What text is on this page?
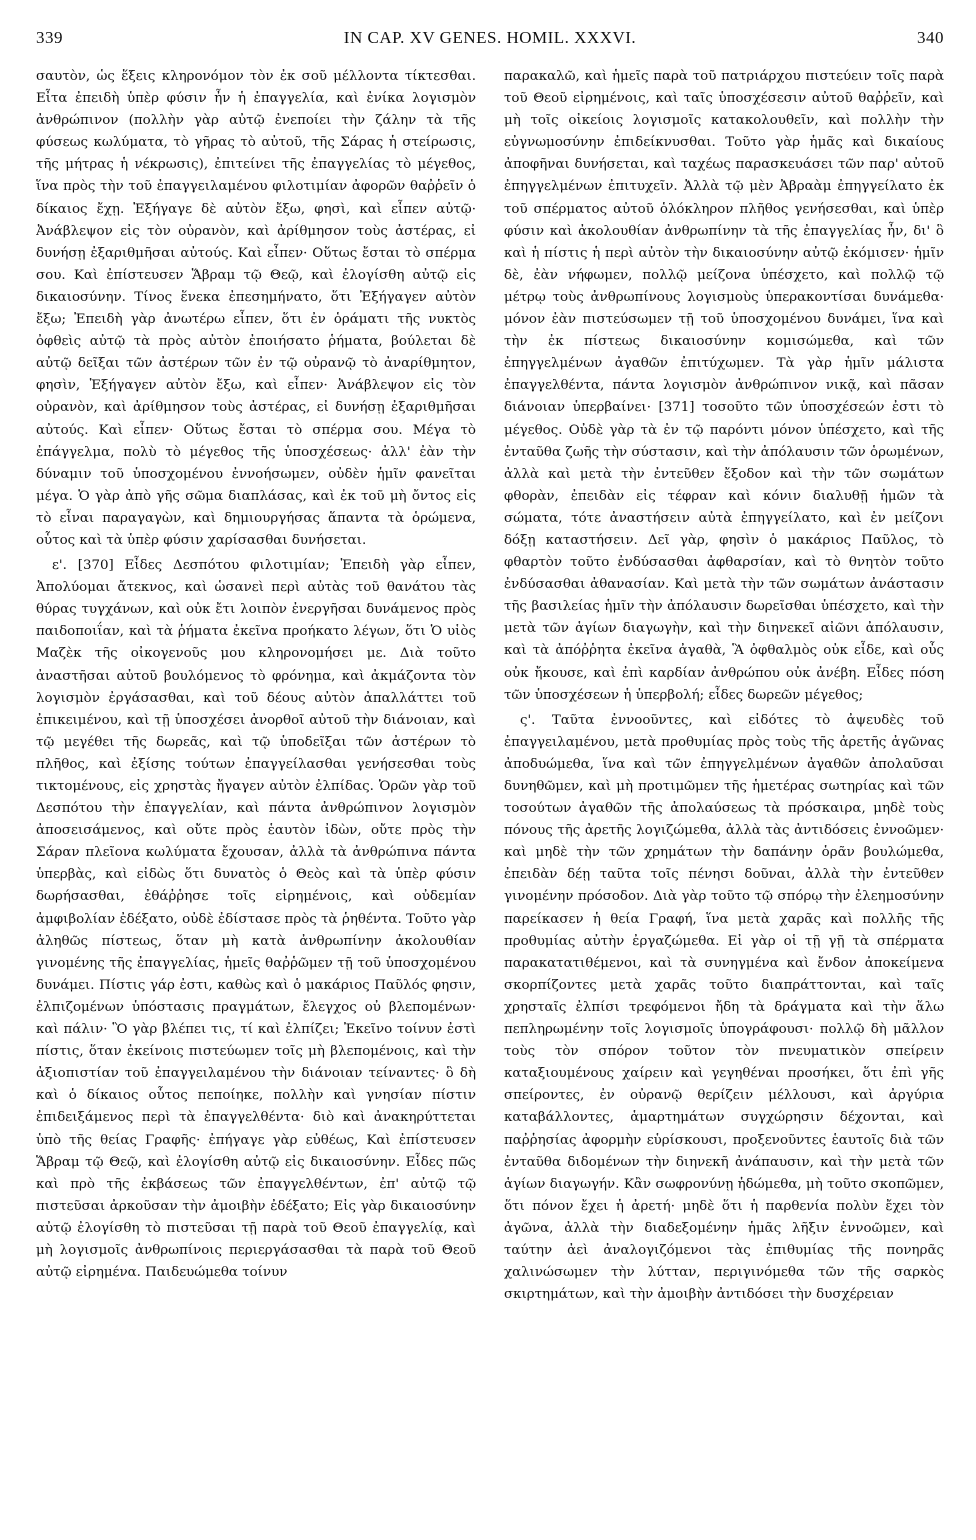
339	IN CAP. XV GENES. HOMIL. XXXVI.	340

σαυτὸν, ὡς ἕξεις κληρονόμον τὸν ἐκ σοῦ μέλλοντα τίκτεσθαι. Εἶτα ἐπειδὴ ὑπὲρ φύσιν ἦν ἡ ἐπαγγελία, καὶ ἐνίκα λογισμὸν ἀνθρώπινον (πολλὴν γὰρ αὐτῷ ἐνεποίει τὴν ζάλην τὰ τῆς φύσεως κωλύματα, τὸ γῆρας τὸ αὐτοῦ, τῆς Σάρας ἡ στείρωσις, τῆς μήτρας ἡ νέκρωσις), ἐπιτείνει τῆς ἐπαγγελίας τὸ μέγεθος, ἵνα πρὸς τὴν τοῦ ἐπαγγειλαμένου φιλοτιμίαν ἀφορῶν θαῤῥεῖν ὁ δίκαιος ἔχῃ. Ἐξήγαγε δὲ αὐτὸν ἔξω, φησὶ, καὶ εἶπεν αὐτῷ· Ἀνάβλεψον εἰς τὸν οὐρανὸν, καὶ ἀρίθμησον τοὺς ἀστέρας, εἰ δυνήσῃ ἐξαριθμῆσαι αὐτούς. Καὶ εἶπεν· Οὕτως ἔσται τὸ σπέρμα σου. Καὶ ἐπίστευσεν Ἅβραμ τῷ Θεῷ, καὶ ἐλογίσθη αὐτῷ εἰς δικαιοσύνην. Τίνος ἕνεκα ἐπεσημήνατο, ὅτι Ἐξήγαγεν αὐτὸν ἔξω; Ἐπειδὴ γὰρ ἀνωτέρω εἶπεν, ὅτι ἐν ὁράματι τῆς νυκτὸς ὀφθεὶς αὐτῷ τὰ πρὸς αὐτὸν ἐποιήσατο ῥήματα, βούλεται δὲ αὐτῷ δεῖξαι τῶν ἀστέρων τῶν ἐν τῷ οὐρανῷ τὸ ἀναρίθμητον, φησὶν, Ἐξήγαγεν αὐτὸν ἔξω, καὶ εἶπεν· Ἀνάβλεψον εἰς τὸν οὐρανὸν, καὶ ἀρίθμησον τοὺς ἀστέρας, εἰ δυνήσῃ ἐξαριθμῆσαι αὐτούς. Καὶ εἶπεν· Οὕτως ἔσται τὸ σπέρμα σου. Μέγα τὸ ἐπάγγελμα, πολὺ τὸ μέγεθος τῆς ὑποσχέσεως· ἀλλ' ἐὰν τὴν δύναμιν τοῦ ὑποσχομένου ἐννοήσωμεν, οὐδὲν ἡμῖν φανεῖται μέγα. Ὁ γὰρ ἀπὸ γῆς σῶμα διαπλάσας, καὶ ἐκ τοῦ μὴ ὄντος εἰς τὸ εἶναι παραγαγὼν, καὶ δημιουργήσας ἅπαντα τὰ ὁρώμενα, οὗτος καὶ τὰ ὑπὲρ φύσιν χαρίσασθαι δυνήσεται.

ε'. [370] Εἶδες Δεσπότου φιλοτιμίαν; Ἐπειδὴ γὰρ εἶπεν, Ἀπολύομαι ἄτεκνος, καὶ ὡσανεὶ περὶ αὐτὰς τοῦ θανάτου τὰς θύρας τυγχάνων, καὶ οὐκ ἔτι λοιπὸν ἐνεργῆσαι δυνάμενος πρὸς παιδοποιΐαν, καὶ τὰ ῥήματα ἐκεῖνα προήκατο λέγων, ὅτι Ὁ υἱὸς Μαζὲκ τῆς οἰκογενοῦς μου κληρονομήσει με. Διὰ τοῦτο ἀναστῆσαι αὐτοῦ βουλόμενος τὸ φρόνημα, καὶ ἀκμάζοντα τὸν λογισμὸν ἐργάσασθαι, καὶ τοῦ δέους αὐτὸν ἀπαλλάττει τοῦ ἐπικειμένου, καὶ τῇ ὑποσχέσει ἀνορθοῖ αὐτοῦ τὴν διάνοιαν, καὶ τῷ μεγέθει τῆς δωρεᾶς, καὶ τῷ ὑποδεῖξαι τῶν ἀστέρων τὸ πλῆθος, καὶ ἐξίσης τούτων ἐπαγγείλασθαι γενήσεσθαι τοὺς τικτομένους, εἰς χρηστὰς ἤγαγεν αὐτὸν ἐλπίδας. Ὁρῶν γὰρ τοῦ Δεσπότου τὴν ἐπαγγελίαν, καὶ πάντα ἀνθρώπινον λογισμὸν ἀποσεισάμενος, καὶ οὔτε πρὸς ἑαυτὸν ἰδὼν, οὔτε πρὸς τὴν Σάραν πλεῖονα κωλύματα ἔχουσαν, ἀλλὰ τὰ ἀνθρώπινα πάντα ὑπερβὰς, καὶ εἰδὼς ὅτι δυνατὸς ὁ Θεὸς καὶ τὰ ὑπὲρ φύσιν δωρήσασθαι, ἐθάῤῥησε τοῖς εἰρημένοις, καὶ οὐδεμίαν ἀμφιβολίαν ἐδέξατο, οὐδὲ ἐδίστασε πρὸς τὰ ῥηθέντα. Τοῦτο γὰρ ἀληθῶς πίστεως, ὅταν μὴ κατὰ ἀνθρωπίνην ἀκολουθίαν γινομένης τῆς ἐπαγγελίας, ἡμεῖς θαῤῥῶμεν τῇ τοῦ ὑποσχομένου δυνάμει. Πίστις γάρ ἐστι, καθὼς καὶ ὁ μακάριος Παῦλός φησιν, ἐλπιζομένων ὑπόστασις πραγμάτων, ἔλεγχος οὐ βλεπομένων· καὶ πάλιν· Ὃ γὰρ βλέπει τις, τί καὶ ἐλπίζει; Ἐκεῖνο τοίνυν ἐστὶ πίστις, ὅταν ἐκείνοις πιστεύωμεν τοῖς μὴ βλεπομένοις, καὶ τὴν ἀξιοπιστίαν τοῦ ἐπαγγειλαμένου τὴν διάνοιαν τείναντες· ὃ δὴ καὶ ὁ δίκαιος οὗτος πεποίηκε, πολλὴν καὶ γνησίαν πίστιν ἐπιδειξάμενος περὶ τὰ ἐπαγγελθέντα· διὸ καὶ ἀνακηρύττεται ὑπὸ τῆς θείας Γραφῆς· ἐπήγαγε γὰρ εὐθέως, Καὶ ἐπίστευσεν Ἅβραμ τῷ Θεῷ, καὶ ἐλογίσθη αὐτῷ εἰς δικαιοσύνην. Εἶδες πῶς καὶ πρὸ τῆς ἐκβάσεως τῶν ἐπαγγελθέντων, ἐπ' αὐτῷ τῷ πιστεῦσαι ἀρκοῦσαν τὴν ἀμοιβὴν ἐδέξατο; Εἰς γὰρ δικαιοσύνην αὐτῷ ἐλογίσθη τὸ πιστεῦσαι τῇ παρὰ τοῦ Θεοῦ ἐπαγγελίᾳ, καὶ μὴ λογισμοῖς ἀνθρωπίνοις περιεργάσασθαι τὰ παρὰ τοῦ Θεοῦ αὐτῷ εἰρημένα. Παιδευώμεθα τοίνυν

παρακαλῶ, καὶ ἡμεῖς παρὰ τοῦ πατριάρχου πιστεύειν τοῖς παρὰ τοῦ Θεοῦ εἰρημένοις, καὶ ταῖς ὑποσχέσεσιν αὐτοῦ θαῤῥεῖν, καὶ μὴ τοῖς οἰκείοις λογισμοῖς κατακολουθεῖν, καὶ πολλὴν τὴν εὐγνωμοσύνην ἐπιδείκνυσθαι. Τοῦτο γὰρ ἡμᾶς καὶ δικαίους ἀποφῆναι δυνήσεται, καὶ ταχέως παρασκευάσει τῶν παρ' αὐτοῦ ἐπηγγελμένων ἐπιτυχεῖν. Ἀλλὰ τῷ μὲν Ἀβραὰμ ἐπηγγείλατο ἐκ τοῦ σπέρματος αὐτοῦ ὁλόκληρον πλῆθος γενήσεσθαι, καὶ ὑπὲρ φύσιν καὶ ἀκολουθίαν ἀνθρωπίνην τὰ τῆς ἐπαγγελίας ἦν, δι' ὃ καὶ ἡ πίστις ἡ περὶ αὐτὸν τὴν δικαιοσύνην αὐτῷ ἐκόμισεν· ἡμῖν δὲ, ἐὰν νήφωμεν, πολλῷ μείζονα ὑπέσχετο, καὶ πολλῷ τῷ μέτρῳ τοὺς ἀνθρωπίνους λογισμοὺς ὑπερακοντίσαι δυνάμεθα· μόνον ἐὰν πιστεύσωμεν τῇ τοῦ ὑποσχομένου δυνάμει, ἵνα καὶ τὴν ἐκ πίστεως δικαιοσύνην κομισώμεθα, καὶ τῶν ἐπηγγελμένων ἀγαθῶν ἐπιτύχωμεν. Τὰ γὰρ ἡμῖν μάλιστα ἐπαγγελθέντα, πάντα λογισμὸν ἀνθρώπινον νικᾷ, καὶ πᾶσαν διάνοιαν ὑπερβαίνει· [371] τοσοῦτο τῶν ὑποσχέσεών ἐστι τὸ μέγεθος. Οὐδὲ γὰρ τὰ ἐν τῷ παρόντι μόνον ὑπέσχετο, καὶ τῆς ἐνταῦθα ζωῆς τὴν σύστασιν, καὶ τὴν ἀπόλαυσιν τῶν ὁρωμένων, ἀλλὰ καὶ μετὰ τὴν ἐντεῦθεν ἔξοδον καὶ τὴν τῶν σωμάτων φθορὰν, ἐπειδὰν εἰς τέφραν καὶ κόνιν διαλυθῇ ἡμῶν τὰ σώματα, τότε ἀναστήσειν αὐτὰ ἐπηγγείλατο, καὶ ἐν μείζονι δόξῃ καταστήσειν. Δεῖ γὰρ, φησὶν ὁ μακάριος Παῦλος, τὸ φθαρτὸν τοῦτο ἐνδύσασθαι ἀφθαρσίαν, καὶ τὸ θνητὸν τοῦτο ἐνδύσασθαι ἀθανασίαν. Καὶ μετὰ τὴν τῶν σωμάτων ἀνάστασιν τῆς βασιλείας ἡμῖν τὴν ἀπόλαυσιν δωρεῖσθαι ὑπέσχετο, καὶ τὴν μετὰ τῶν ἁγίων διαγωγὴν, καὶ τὴν διηνεκεῖ αἰῶνι ἀπόλαυσιν, καὶ τὰ ἀπόῤῥητα ἐκεῖνα ἀγαθὰ, Ἃ ὀφθαλμὸς οὐκ εἶδε, καὶ οὖς οὐκ ἤκουσε, καὶ ἐπὶ καρδίαν ἀνθρώπου οὐκ ἀνέβη. Εἶδες πόση τῶν ὑποσχέσεων ἡ ὑπερβολή; εἶδες δωρεῶν μέγεθος;

ς'. Ταῦτα ἐννοοῦντες, καὶ εἰδότες τὸ ἀψευδὲς τοῦ ἐπαγγειλαμένου, μετὰ προθυμίας πρὸς τοὺς τῆς ἀρετῆς ἀγῶνας ἀποδυώμεθα, ἵνα καὶ τῶν ἐπηγγελμένων ἀγαθῶν ἀπολαῦσαι δυνηθῶμεν, καὶ μὴ προτιμῶμεν τῆς ἡμετέρας σωτηρίας καὶ τῶν τοσούτων ἀγαθῶν τῆς ἀπολαύσεως τὰ πρόσκαιρα, μηδὲ τοὺς πόνους τῆς ἀρετῆς λογιζώμεθα, ἀλλὰ τὰς ἀντιδόσεις ἐννοῶμεν· καὶ μηδὲ τὴν τῶν χρημάτων τὴν δαπάνην ὁρᾶν βουλώμεθα, ἐπειδὰν δέῃ ταῦτα τοῖς πένησι δοῦναι, ἀλλὰ τὴν ἐντεῦθεν γινομένην πρόσοδον. Διὰ γὰρ τοῦτο τῷ σπόρῳ τὴν ἐλεημοσύνην παρείκασεν ἡ θεία Γραφή, ἵνα μετὰ χαρᾶς καὶ πολλῆς τῆς προθυμίας αὐτὴν ἐργαζώμεθα. Εἰ γὰρ οἱ τῇ γῇ τὰ σπέρματα παρακατατιθέμενοι, καὶ τὰ συνηγμένα καὶ ἔνδον ἀποκείμενα σκορπίζοντες μετὰ χαρᾶς τοῦτο διαπράττονται, καὶ ταῖς χρησταῖς ἐλπίσι τρεφόμενοι ἤδη τὰ δράγματα καὶ τὴν ἅλω πεπληρωμένην τοῖς λογισμοῖς ὑπογράφουσι· πολλῷ δὴ μᾶλλον τοὺς τὸν σπόρον τοῦτον τὸν πνευματικὸν σπείρειν καταξιουμένους χαίρειν καὶ γεγηθέναι προσήκει, ὅτι ἐπὶ γῆς σπείροντες, ἐν οὐρανῷ θερίζειν μέλλουσι, καὶ ἀργύρια καταβάλλοντες, ἁμαρτημάτων συγχώρησιν δέχονται, καὶ παῤῥησίας ἀφορμὴν εὑρίσκουσι, προξενοῦντες ἑαυτοῖς διὰ τῶν ἐνταῦθα διδομένων τὴν διηνεκῆ ἀνάπαυσιν, καὶ τὴν μετὰ τῶν ἁγίων διαγωγήν. Κἂν σωφρονύνῃ ἡδώμεθα, μὴ τοῦτο σκοπῶμεν, ὅτι πόνον ἔχει ἡ ἀρετή· μηδὲ ὅτι ἡ παρθενία πολὺν ἔχει τὸν ἀγῶνα, ἀλλὰ τὴν διαδεξομένην ἡμᾶς λῆξιν ἐννοῶμεν, καὶ ταύτην ἀεὶ ἀναλογιζόμενοι τὰς ἐπιθυμίας τῆς πονηρᾶς χαλινώσωμεν τὴν λύτταν, περιγινόμεθα τῶν τῆς σαρκὸς σκιρτημάτων, καὶ τὴν ἀμοιβὴν ἀντιδόσει τὴν δυσχέρειαν
